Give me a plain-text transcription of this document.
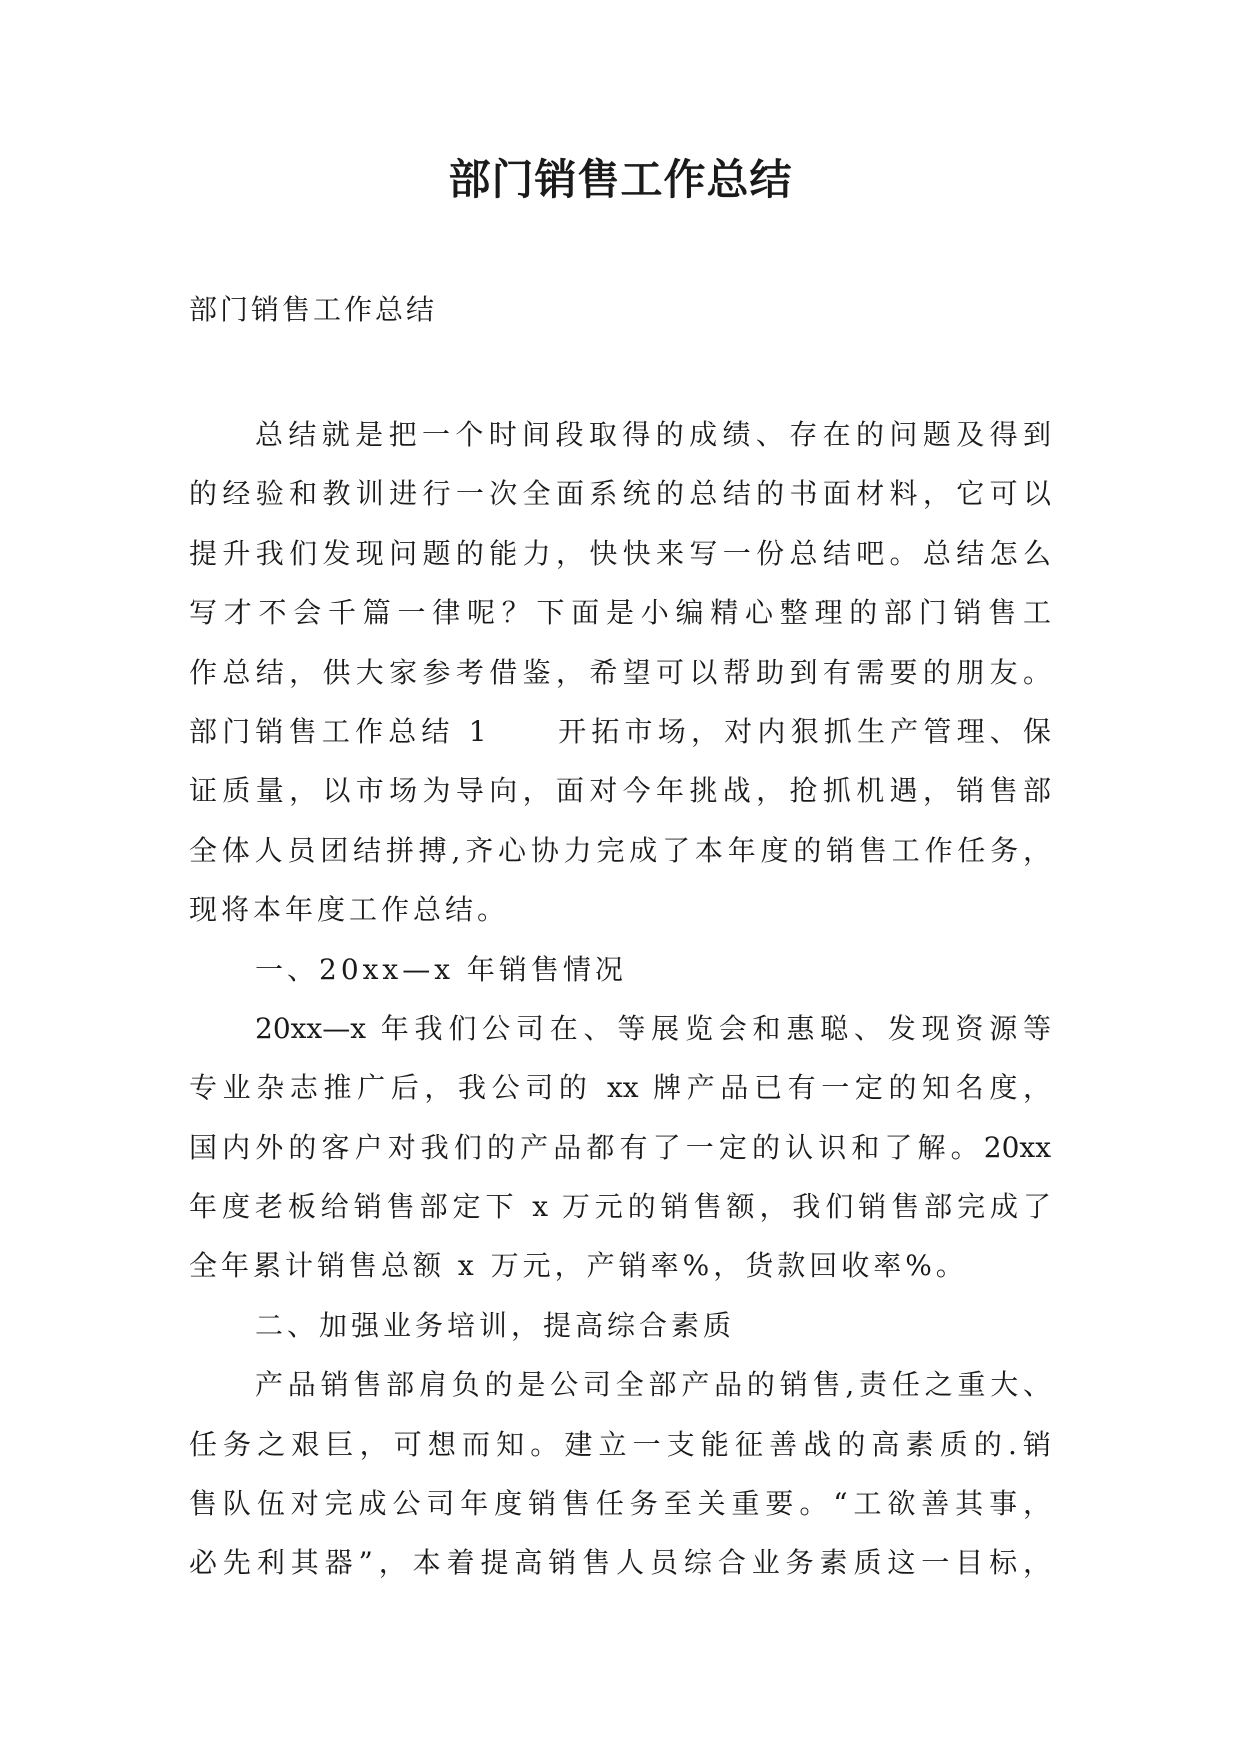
部门销售工作总结

部门销售工作总结

总结就是把一个时间段取得的成绩、存在的问题及得到
的经验和教训进行一次全面系统的总结的书面材料，它可以
提升我们发现问题的能力，快快来写一份总结吧。总结怎么
写才不会千篇一律呢？下面是小编精心整理的部门销售工
作总结，供大家参考借鉴，希望可以帮助到有需要的朋友。
部门销售工作总结 1　　开拓市场，对内狠抓生产管理、保
证质量，以市场为导向，面对今年挑战，抢抓机遇，销售部
全体人员团结拼搏,齐心协力完成了本年度的销售工作任务，
现将本年度工作总结。
一、20xx—x 年销售情况
20xx—x 年我们公司在、等展览会和惠聪、发现资源等
专业杂志推广后，我公司的 xx 牌产品已有一定的知名度，
国内外的客户对我们的产品都有了一定的认识和了解。20xx
年度老板给销售部定下 x 万元的销售额，我们销售部完成了
全年累计销售总额 x 万元，产销率%，货款回收率%。
二、加强业务培训，提高综合素质
产品销售部肩负的是公司全部产品的销售,责任之重大、
任务之艰巨，可想而知。建立一支能征善战的高素质的.销
售队伍对完成公司年度销售任务至关重要。“工欲善其事，
必先利其器”，本着提高销售人员综合业务素质这一目标，
